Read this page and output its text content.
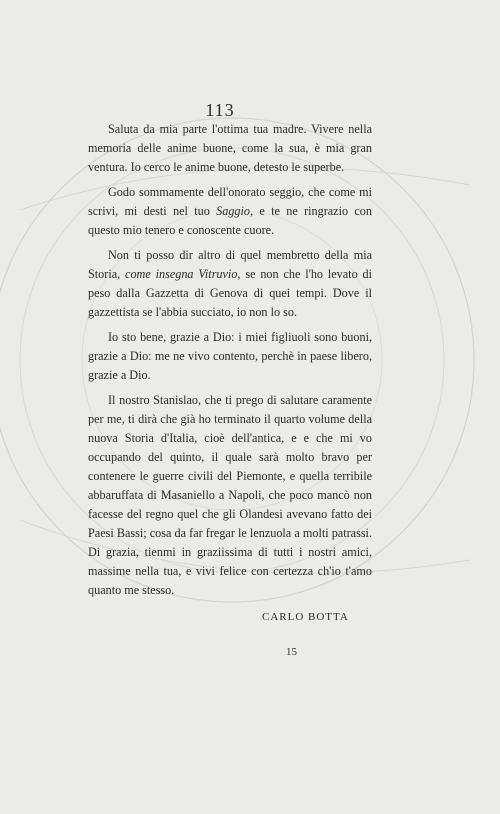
113

Saluta da mia parte l'ottima tua madre. Vivere nella memoria delle anime buone, come la sua, è mia gran ventura. Io cerco le anime buone, detesto le superbe.

Godo sommamente dell'onorato seggio, che come mi scrivi, mi desti nel tuo Saggio, e te ne ringrazio con questo mio tenero e conoscente cuore.

Non ti posso dir altro di quel membretto della mia Storia, come insegna Vitruvio, se non che l'ho levato di peso dalla Gazzetta di Genova di quei tempi. Dove il gazzettista se l'abbia succiato, io non lo so.

Io sto bene, grazie a Dio: i miei figliuoli sono buoni, grazie a Dio: me ne vivo contento, perchè in paese libero, grazie a Dio.

Il nostro Stanislao, che ti prego di salutare caramente per me, ti dirà che già ho terminato il quarto volume della nuova Storia d'Italia, cioè dell'antica, e e che mi vo occupando del quinto, il quale sarà molto bravo per contenere le guerre civili del Piemonte, e quella terribile abbaruffata di Masaniello a Napoli, che poco mancò non facesse del regno quel che gli Olandesi avevano fatto dei Paesi Bassi; cosa da far fregar le lenzuola a molti patrassi. Di grazia, tienmi in graziissima di tutti i nostri amici, massime nella tua, e vivi felice con certezza ch'io t'amo quanto me stesso.

CARLO BOTTA
15
